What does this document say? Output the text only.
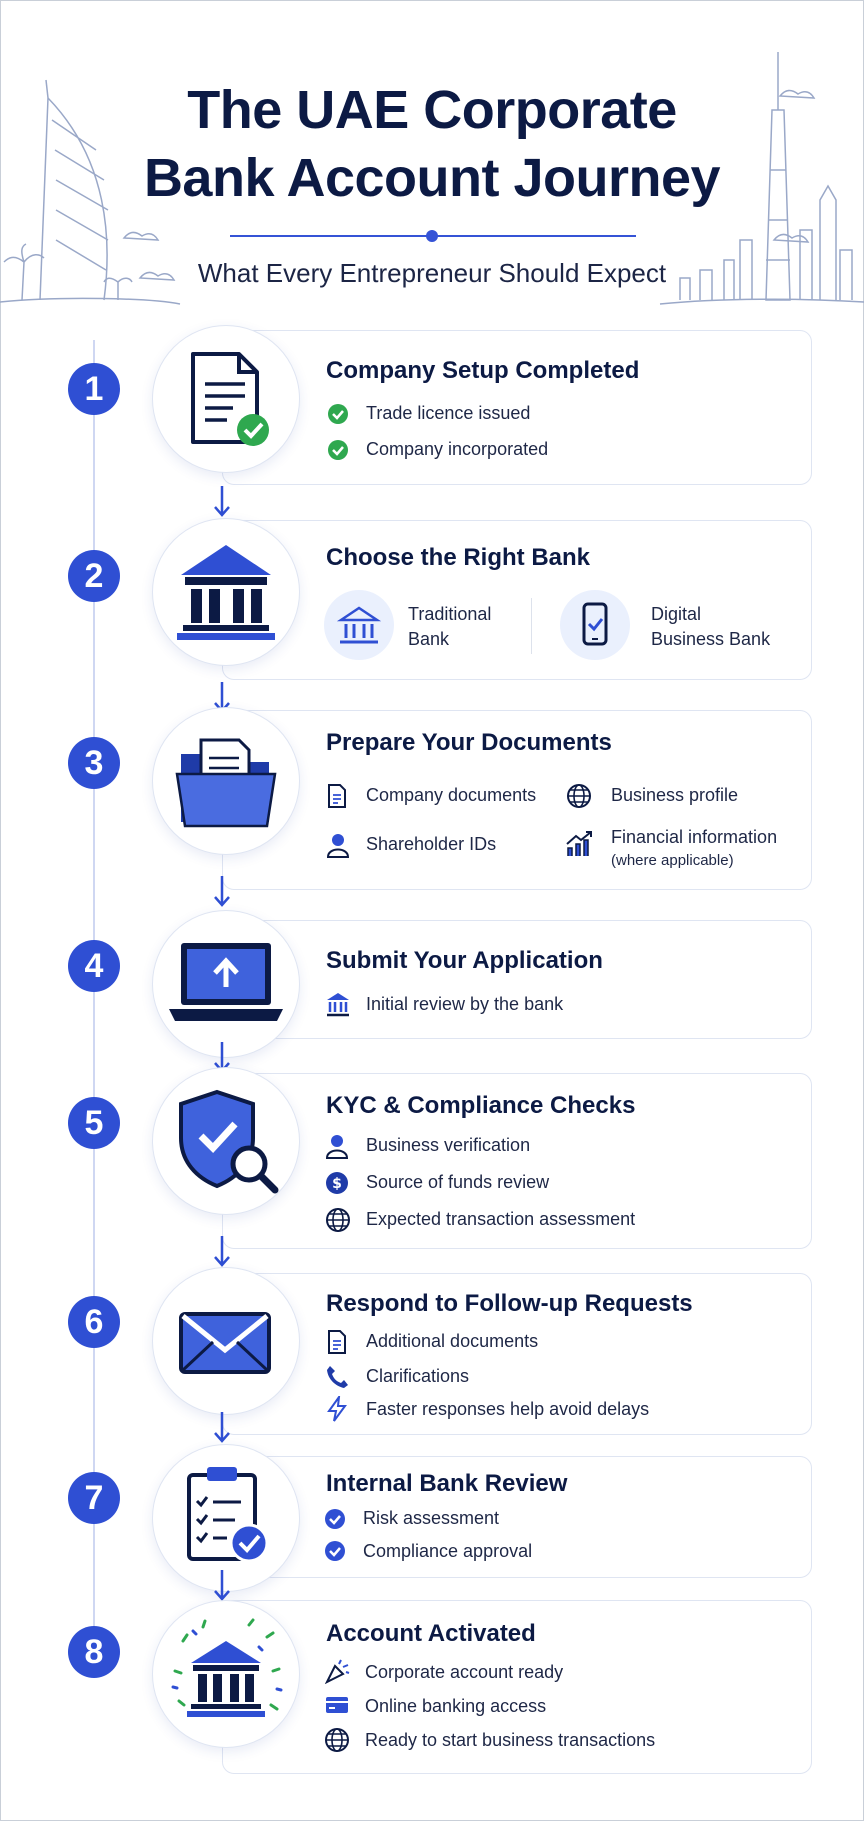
The UAE Corporate
Bank Account Journey
What Every Entrepreneur Should Expect
1	Company Setup Completed
Trade licence issued
Company incorporated
2	Choose the Right Bank
Traditional
Bank
Digital
Business Bank
3
Prepare Your Documents
Company documents	Business profile
Shareholder IDs	Financial information
(where applicable)
4	Submit Your Application
Initial review by the bank
5	KYC & Compliance Checks
Business verification
$ Source of funds review
Expected transaction assessment
6	Respond to Follow-up Requests
Additional documents
Clarifications
Faster responses help avoid delays
7	Internal Bank Review
Risk assessment
Compliance approval
8	Account Activated
Corporate account ready
Online banking access
Ready to start business transactions
